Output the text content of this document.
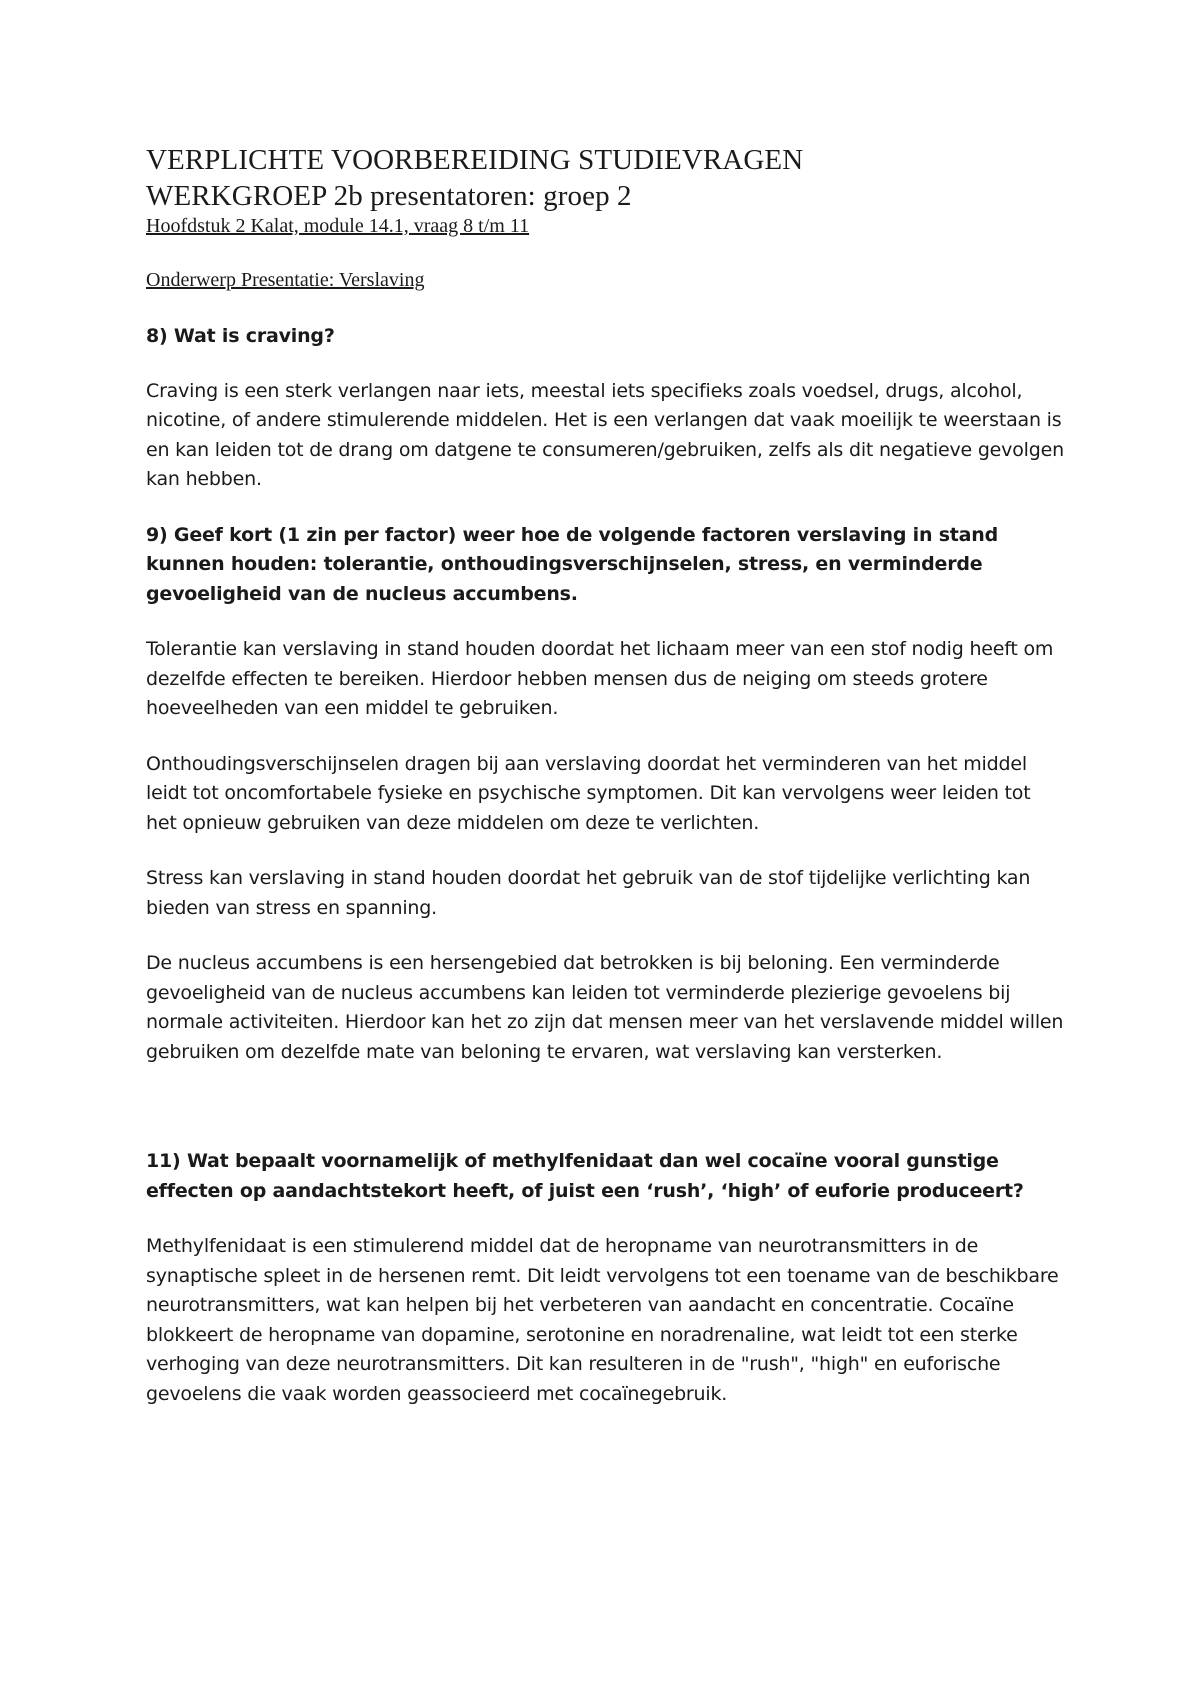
VERPLICHTE VOORBEREIDING STUDIEVRAGEN
WERKGROEP 2b presentatoren: groep 2
Hoofdstuk 2 Kalat, module 14.1, vraag 8 t/m 11
Onderwerp Presentatie: Verslaving

8) Wat is craving?

Craving is een sterk verlangen naar iets, meestal iets specifieks zoals voedsel, drugs, alcohol, nicotine, of andere stimulerende middelen. Het is een verlangen dat vaak moeilijk te weerstaan is en kan leiden tot de drang om datgene te consumeren/gebruiken, zelfs als dit negatieve gevolgen kan hebben.

9) Geef kort (1 zin per factor) weer hoe de volgende factoren verslaving in stand kunnen houden: tolerantie, onthoudingsverschijnselen, stress, en verminderde gevoeligheid van de nucleus accumbens.

Tolerantie kan verslaving in stand houden doordat het lichaam meer van een stof nodig heeft om dezelfde effecten te bereiken. Hierdoor hebben mensen dus de neiging om steeds grotere hoeveelheden van een middel te gebruiken.

Onthoudingsverschijnselen dragen bij aan verslaving doordat het verminderen van het middel leidt tot oncomfortabele fysieke en psychische symptomen. Dit kan vervolgens weer leiden tot het opnieuw gebruiken van deze middelen om deze te verlichten.

Stress kan verslaving in stand houden doordat het gebruik van de stof tijdelijke verlichting kan bieden van stress en spanning.

De nucleus accumbens is een hersengebied dat betrokken is bij beloning. Een verminderde gevoeligheid van de nucleus accumbens kan leiden tot verminderde plezierige gevoelens bij normale activiteiten. Hierdoor kan het zo zijn dat mensen meer van het verslavende middel willen gebruiken om dezelfde mate van beloning te ervaren, wat verslaving kan versterken.

11) Wat bepaalt voornamelijk of methylfenidaat dan wel cocaïne vooral gunstige effecten op aandachtstekort heeft, of juist een ‘rush’, ‘high’ of euforie produceert?

Methylfenidaat is een stimulerend middel dat de heropname van neurotransmitters in de synaptische spleet in de hersenen remt. Dit leidt vervolgens tot een toename van de beschikbare neurotransmitters, wat kan helpen bij het verbeteren van aandacht en concentratie. Cocaïne blokkeert de heropname van dopamine, serotonine en noradrenaline, wat leidt tot een sterke verhoging van deze neurotransmitters. Dit kan resulteren in de "rush", "high" en euforische gevoelens die vaak worden geassocieerd met cocaïnegebruik.
